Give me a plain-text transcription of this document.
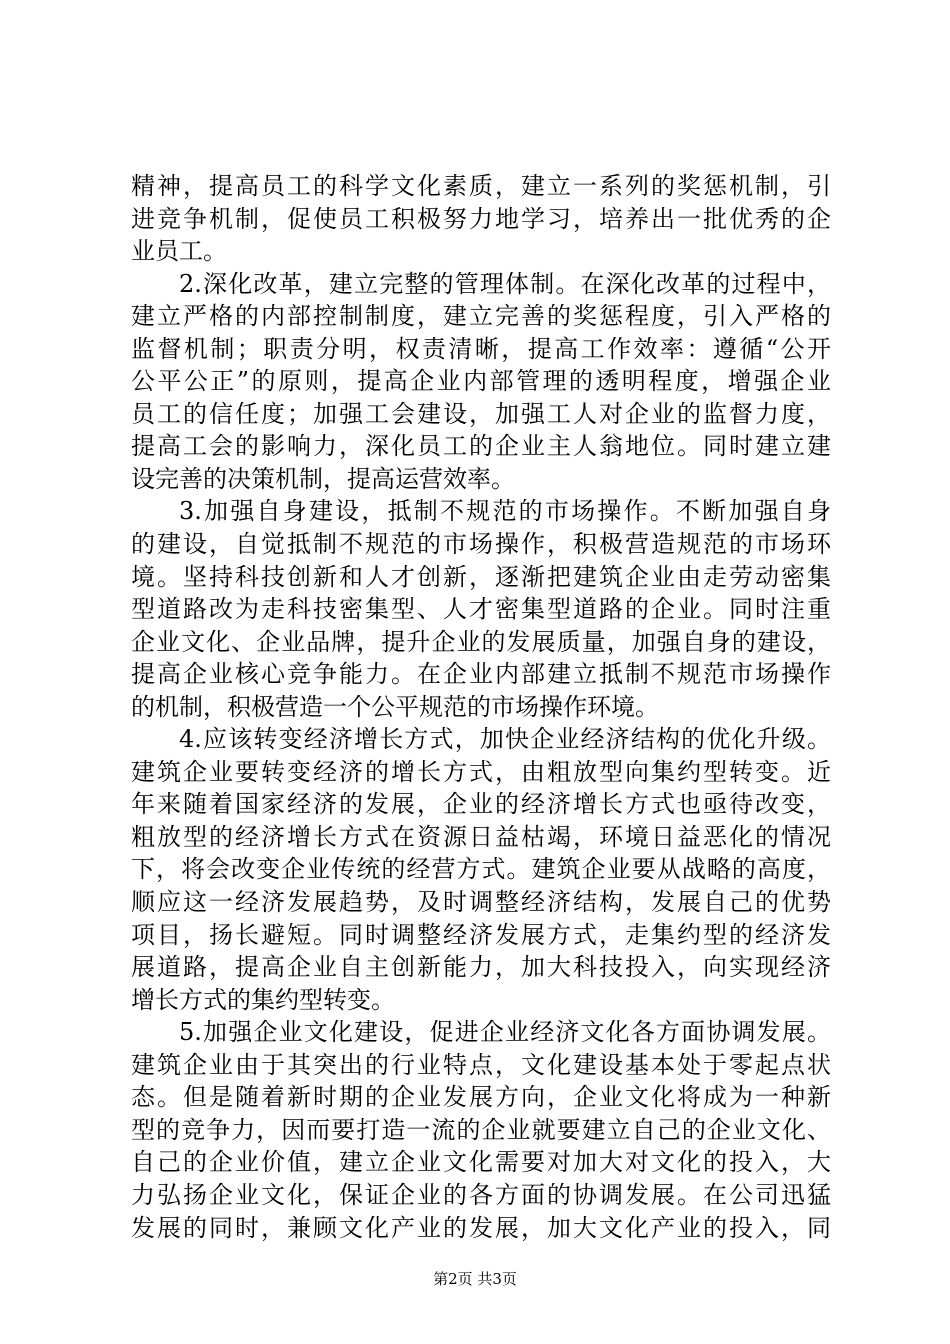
精神，提高员工的科学文化素质，建立一系列的奖惩机制，引
进竞争机制，促使员工积极努力地学习，培养出一批优秀的企
业员工。
2.深化改革，建立完整的管理体制。在深化改革的过程中，
建立严格的内部控制制度，建立完善的奖惩程度，引入严格的
监督机制；职责分明，权责清晰，提高工作效率：遵循“公开
公平公正”的原则，提高企业内部管理的透明程度，增强企业
员工的信任度；加强工会建设，加强工人对企业的监督力度，
提高工会的影响力，深化员工的企业主人翁地位。同时建立建
设完善的决策机制，提高运营效率。
3.加强自身建设，抵制不规范的市场操作。不断加强自身
的建设，自觉抵制不规范的市场操作，积极营造规范的市场环
境。坚持科技创新和人才创新，逐渐把建筑企业由走劳动密集
型道路改为走科技密集型、人才密集型道路的企业。同时注重
企业文化、企业品牌，提升企业的发展质量，加强自身的建设，
提高企业核心竞争能力。在企业内部建立抵制不规范市场操作
的机制，积极营造一个公平规范的市场操作环境。
4.应该转变经济增长方式，加快企业经济结构的优化升级。
建筑企业要转变经济的增长方式，由粗放型向集约型转变。近
年来随着国家经济的发展，企业的经济增长方式也亟待改变，
粗放型的经济增长方式在资源日益枯竭，环境日益恶化的情况
下，将会改变企业传统的经营方式。建筑企业要从战略的高度，
顺应这一经济发展趋势，及时调整经济结构，发展自己的优势
项目，扬长避短。同时调整经济发展方式，走集约型的经济发
展道路，提高企业自主创新能力，加大科技投入，向实现经济
增长方式的集约型转变。
5.加强企业文化建设，促进企业经济文化各方面协调发展。
建筑企业由于其突出的行业特点，文化建设基本处于零起点状
态。但是随着新时期的企业发展方向，企业文化将成为一种新
型的竞争力，因而要打造一流的企业就要建立自己的企业文化、
自己的企业价值，建立企业文化需要对加大对文化的投入，大
力弘扬企业文化，保证企业的各方面的协调发展。在公司迅猛
发展的同时，兼顾文化产业的发展，加大文化产业的投入，同
第2页 共3页
